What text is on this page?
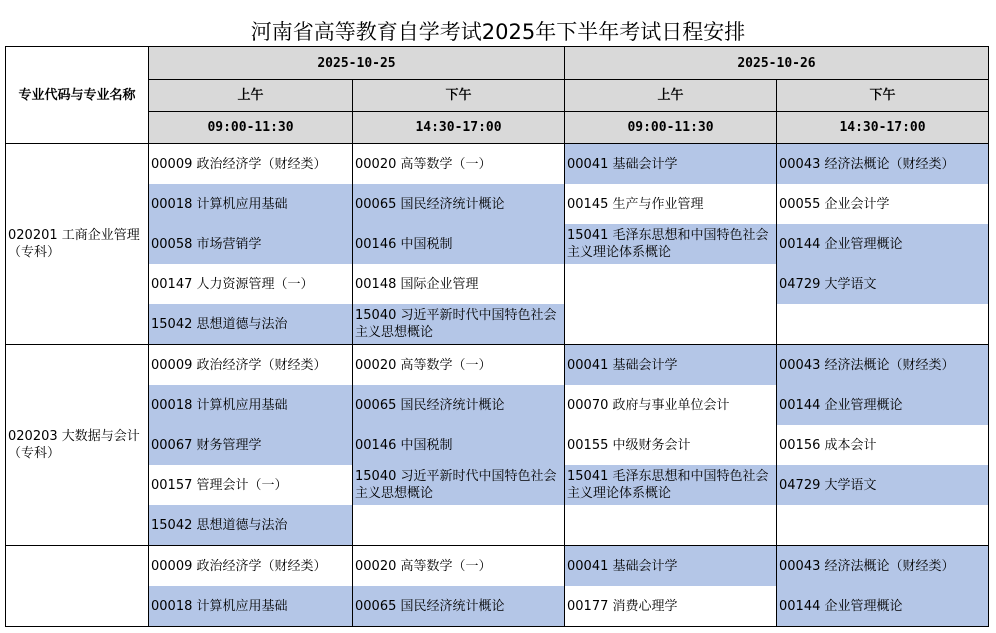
河南省高等教育自学考试2025年下半年考试日程安排
专业代码与专业名称	2025-10-25		2025-10-26	
	上午	下午	上午	下午
	09:00-11:30	14:30-17:00	09:00-11:30	14:30-17:00
020201 工商企业管理（专科）	00009 政治经济学（财经类）	00020 高等数学（一）	00041 基础会计学	00043 经济法概论（财经类）
	00018 计算机应用基础	00065 国民经济统计概论	00145 生产与作业管理	00055 企业会计学
	00058 市场营销学	00146 中国税制	15041 毛泽东思想和中国特色社会主义理论体系概论	00144 企业管理概论
	00147 人力资源管理（一）	00148 国际企业管理		04729 大学语文
	15042 思想道德与法治	15040 习近平新时代中国特色社会主义思想概论		
020203 大数据与会计（专科）	00009 政治经济学（财经类）	00020 高等数学（一）	00041 基础会计学	00043 经济法概论（财经类）
	00018 计算机应用基础	00065 国民经济统计概论	00070 政府与事业单位会计	00144 企业管理概论
	00067 财务管理学	00146 中国税制	00155 中级财务会计	00156 成本会计
	00157 管理会计（一）	15040 习近平新时代中国特色社会主义思想概论	15041 毛泽东思想和中国特色社会主义理论体系概论	04729 大学语文
	15042 思想道德与法治			
	00009 政治经济学（财经类）	00020 高等数学（一）	00041 基础会计学	00043 经济法概论（财经类）
	00018 计算机应用基础	00065 国民经济统计概论	00177 消费心理学	00144 企业管理概论
